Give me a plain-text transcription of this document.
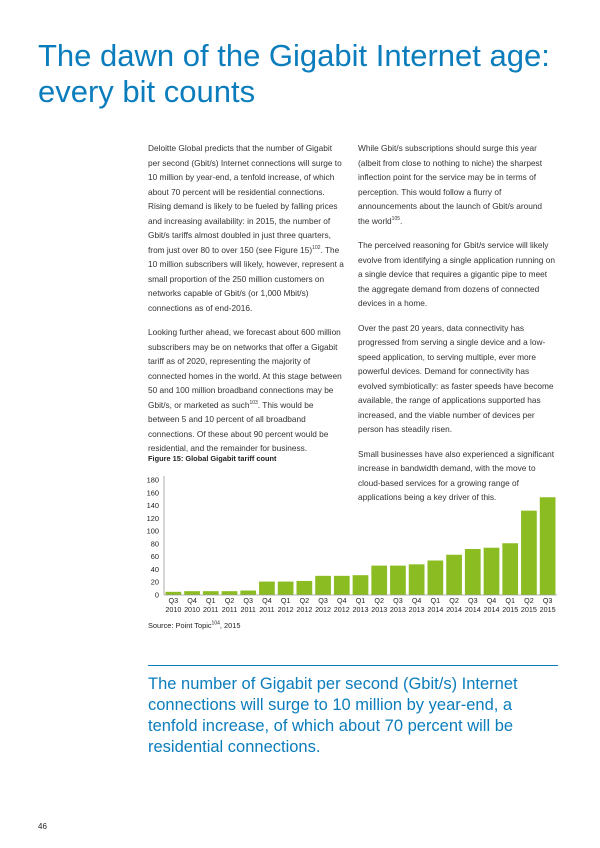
The dawn of the Gigabit Internet age: every bit counts

Deloitte Global predicts that the number of Gigabit per second (Gbit/s) Internet connections will surge to 10 million by year-end, a tenfold increase, of which about 70 percent will be residential connections. Rising demand is likely to be fueled by falling prices and increasing availability: in 2015, the number of Gbit/s tariffs almost doubled in just three quarters, from just over 80 to over 150 (see Figure 15)$^{102}$. The 10 million subscribers will likely, however, represent a small proportion of the 250 million customers on networks capable of Gbit/s (or 1,000 Mbit/s) connections as of end-2016.

Looking further ahead, we forecast about 600 million subscribers may be on networks that offer a Gigabit tariff as of 2020, representing the majority of connected homes in the world. At this stage between 50 and 100 million broadband connections may be Gbit/s, or marketed as such$^{103}$. This would be between 5 and 10 percent of all broadband connections. Of these about 90 percent would be residential, and the remainder for business.

While Gbit/s subscriptions should surge this year (albeit from close to nothing to niche) the sharpest inflection point for the service may be in terms of perception. This would follow a flurry of announcements about the launch of Gbit/s around the world$^{105}$.

The perceived reasoning for Gbit/s service will likely evolve from identifying a single application running on a single device that requires a gigantic pipe to meet the aggregate demand from dozens of connected devices in a home.

Over the past 20 years, data connectivity has progressed from serving a single device and a low-speed application, to serving multiple, ever more powerful devices. Demand for connectivity has evolved symbiotically: as faster speeds have become available, the range of applications supported has increased, and the viable number of devices per person has steadily risen.

Small businesses have also experienced a significant increase in bandwidth demand, with the move to cloud-based services for a growing range of applications being a key driver of this.

Figure 15: Global Gigabit tariff count
0
20
40
60
80
100
120
140
160
180
Q3
2010
Q4
2010
Q1
2011
Q2
2011
Q3
2011
Q4
2011
Q1
2012
Q2
2012
Q3
2012
Q4
2012
Q1
2013
Q2
2013
Q3
2013
Q4
2013
Q1
2014
Q2
2014
Q3
2014
Q4
2014
Q1
2015
Q2
2015
Q3
2015
Source: Point Topic$^{104}$, 2015
The number of Gigabit per second (Gbit/s) Internet connections will surge to 10 million by year-end, a tenfold increase, of which about 70 percent will be residential connections.
46
